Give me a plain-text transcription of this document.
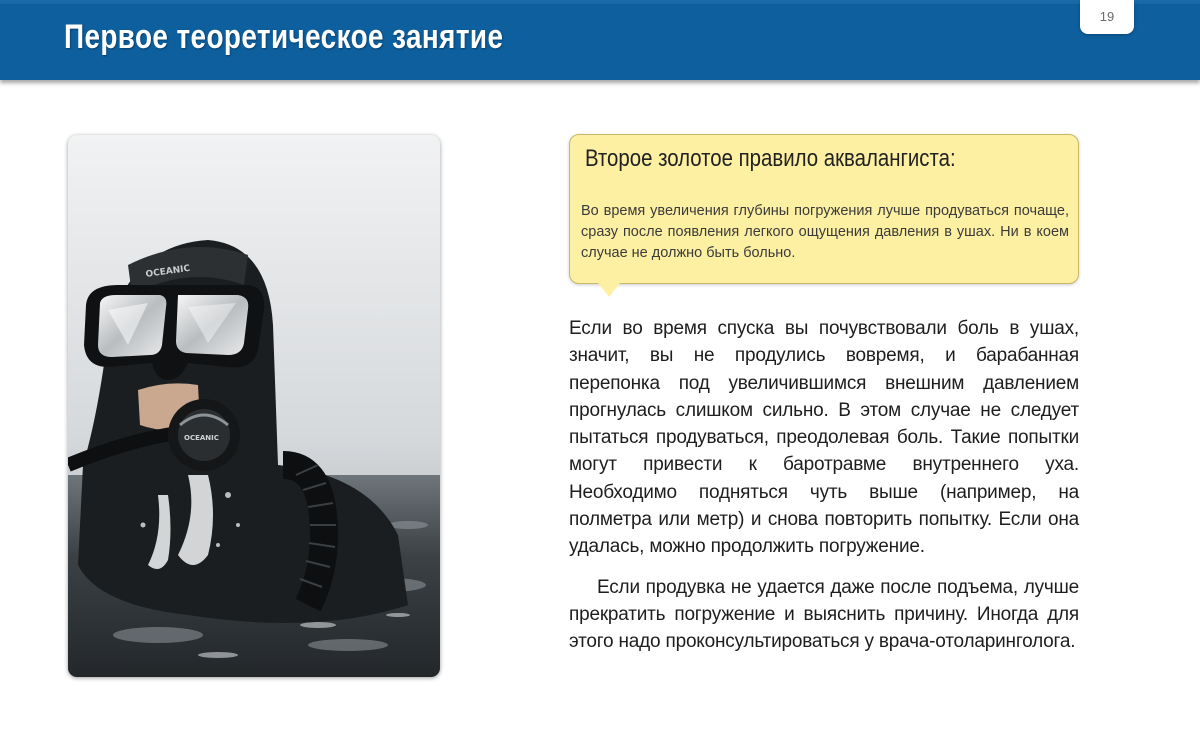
Первое теоретическое занятие
19
OCEANIC
OCEANIC
Второе золотое правило аквалангиста:

Во время увеличения глубины погружения лучше продуваться почаще, сразу после появления легкого ощущения давления в ушах. Ни в коем случае не должно быть больно.

Если во время спуска вы почувствовали боль в ушах, значит, вы не продулись вовремя, и барабанная перепонка под увеличившимся внешним давлением прогнулась слишком сильно. В этом случае не следует пытаться продуваться, преодолевая боль. Такие попытки могут привести к баротравме внутреннего уха. Необходимо подняться чуть выше (например, на полметра или метр) и снова повторить попытку. Если она удалась, можно продолжить погружение.

Если продувка не удается даже после подъема, лучше прекратить погружение и выяснить причину. Иногда для этого надо проконсультироваться у врача-отоларинголога.
